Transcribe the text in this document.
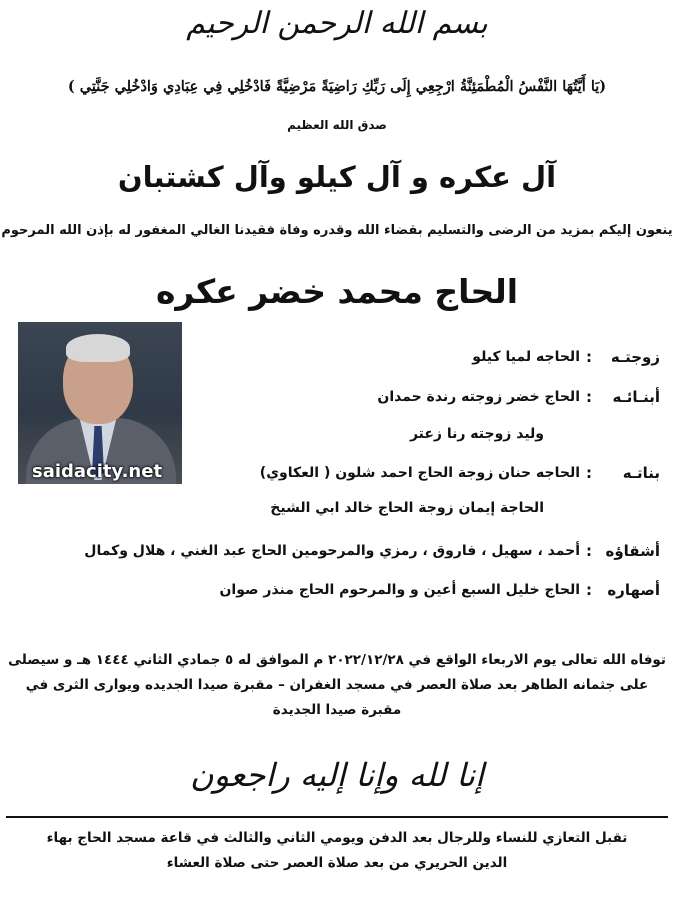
بسم الله الرحمن الرحيم
(يَا أَيَّتُهَا النَّفْسُ الْمُطْمَئِنَّةُ ارْجِعِي إِلَى رَبِّكِ رَاضِيَةً مَرْضِيَّةً فَادْخُلِي فِي عِبَادِي وَادْخُلِي جَنَّتِي )
صدق الله العظيم
آل عكره و آل كيلو وآل كشتبان
ينعون إليكم بمزيد من الرضى والتسليم بقضاء الله وقدره وفاة فقيدنا الغالي المغفور له بإذن الله المرحوم
الحاج محمد خضر عكره
saidacity.net
زوجتـه
:
الحاجه لميا كيلو
أبنـائـه
:
الحاج خضر زوجته رندة حمدان
وليد زوجته رنا زعتر
بناتـه
:
الحاجه حنان زوجة الحاج احمد شلون ( العكاوي)
الحاجة إيمان زوجة الحاج خالد ابي الشيخ
أشقاؤه
:
أحمد ، سهيل ، فاروق ، رمزي والمرحومين الحاج عبد الغني ، هلال وكمال
أصهاره
:
الحاج خليل السبع أعين و والمرحوم الحاج منذر صوان
توفاه الله تعالى يوم الاربعاء الواقع في ٢٠٢٢/١٢/٢٨ م الموافق له ٥ جمادي الثاني ١٤٤٤ هـ و سيصلى
على جثمانه الطاهر بعد صلاة العصر في مسجد الغفران – مقبرة صيدا الجديده ويوارى الثرى في
مقبرة صيدا الجديدة
إنا لله وإنا إليه راجعون
تقبل التعازي للنساء وللرجال بعد الدفن ويومي الثاني والثالث في قاعة مسجد الحاج بهاء
الدين الحريري من بعد صلاة العصر حتى صلاة العشاء
